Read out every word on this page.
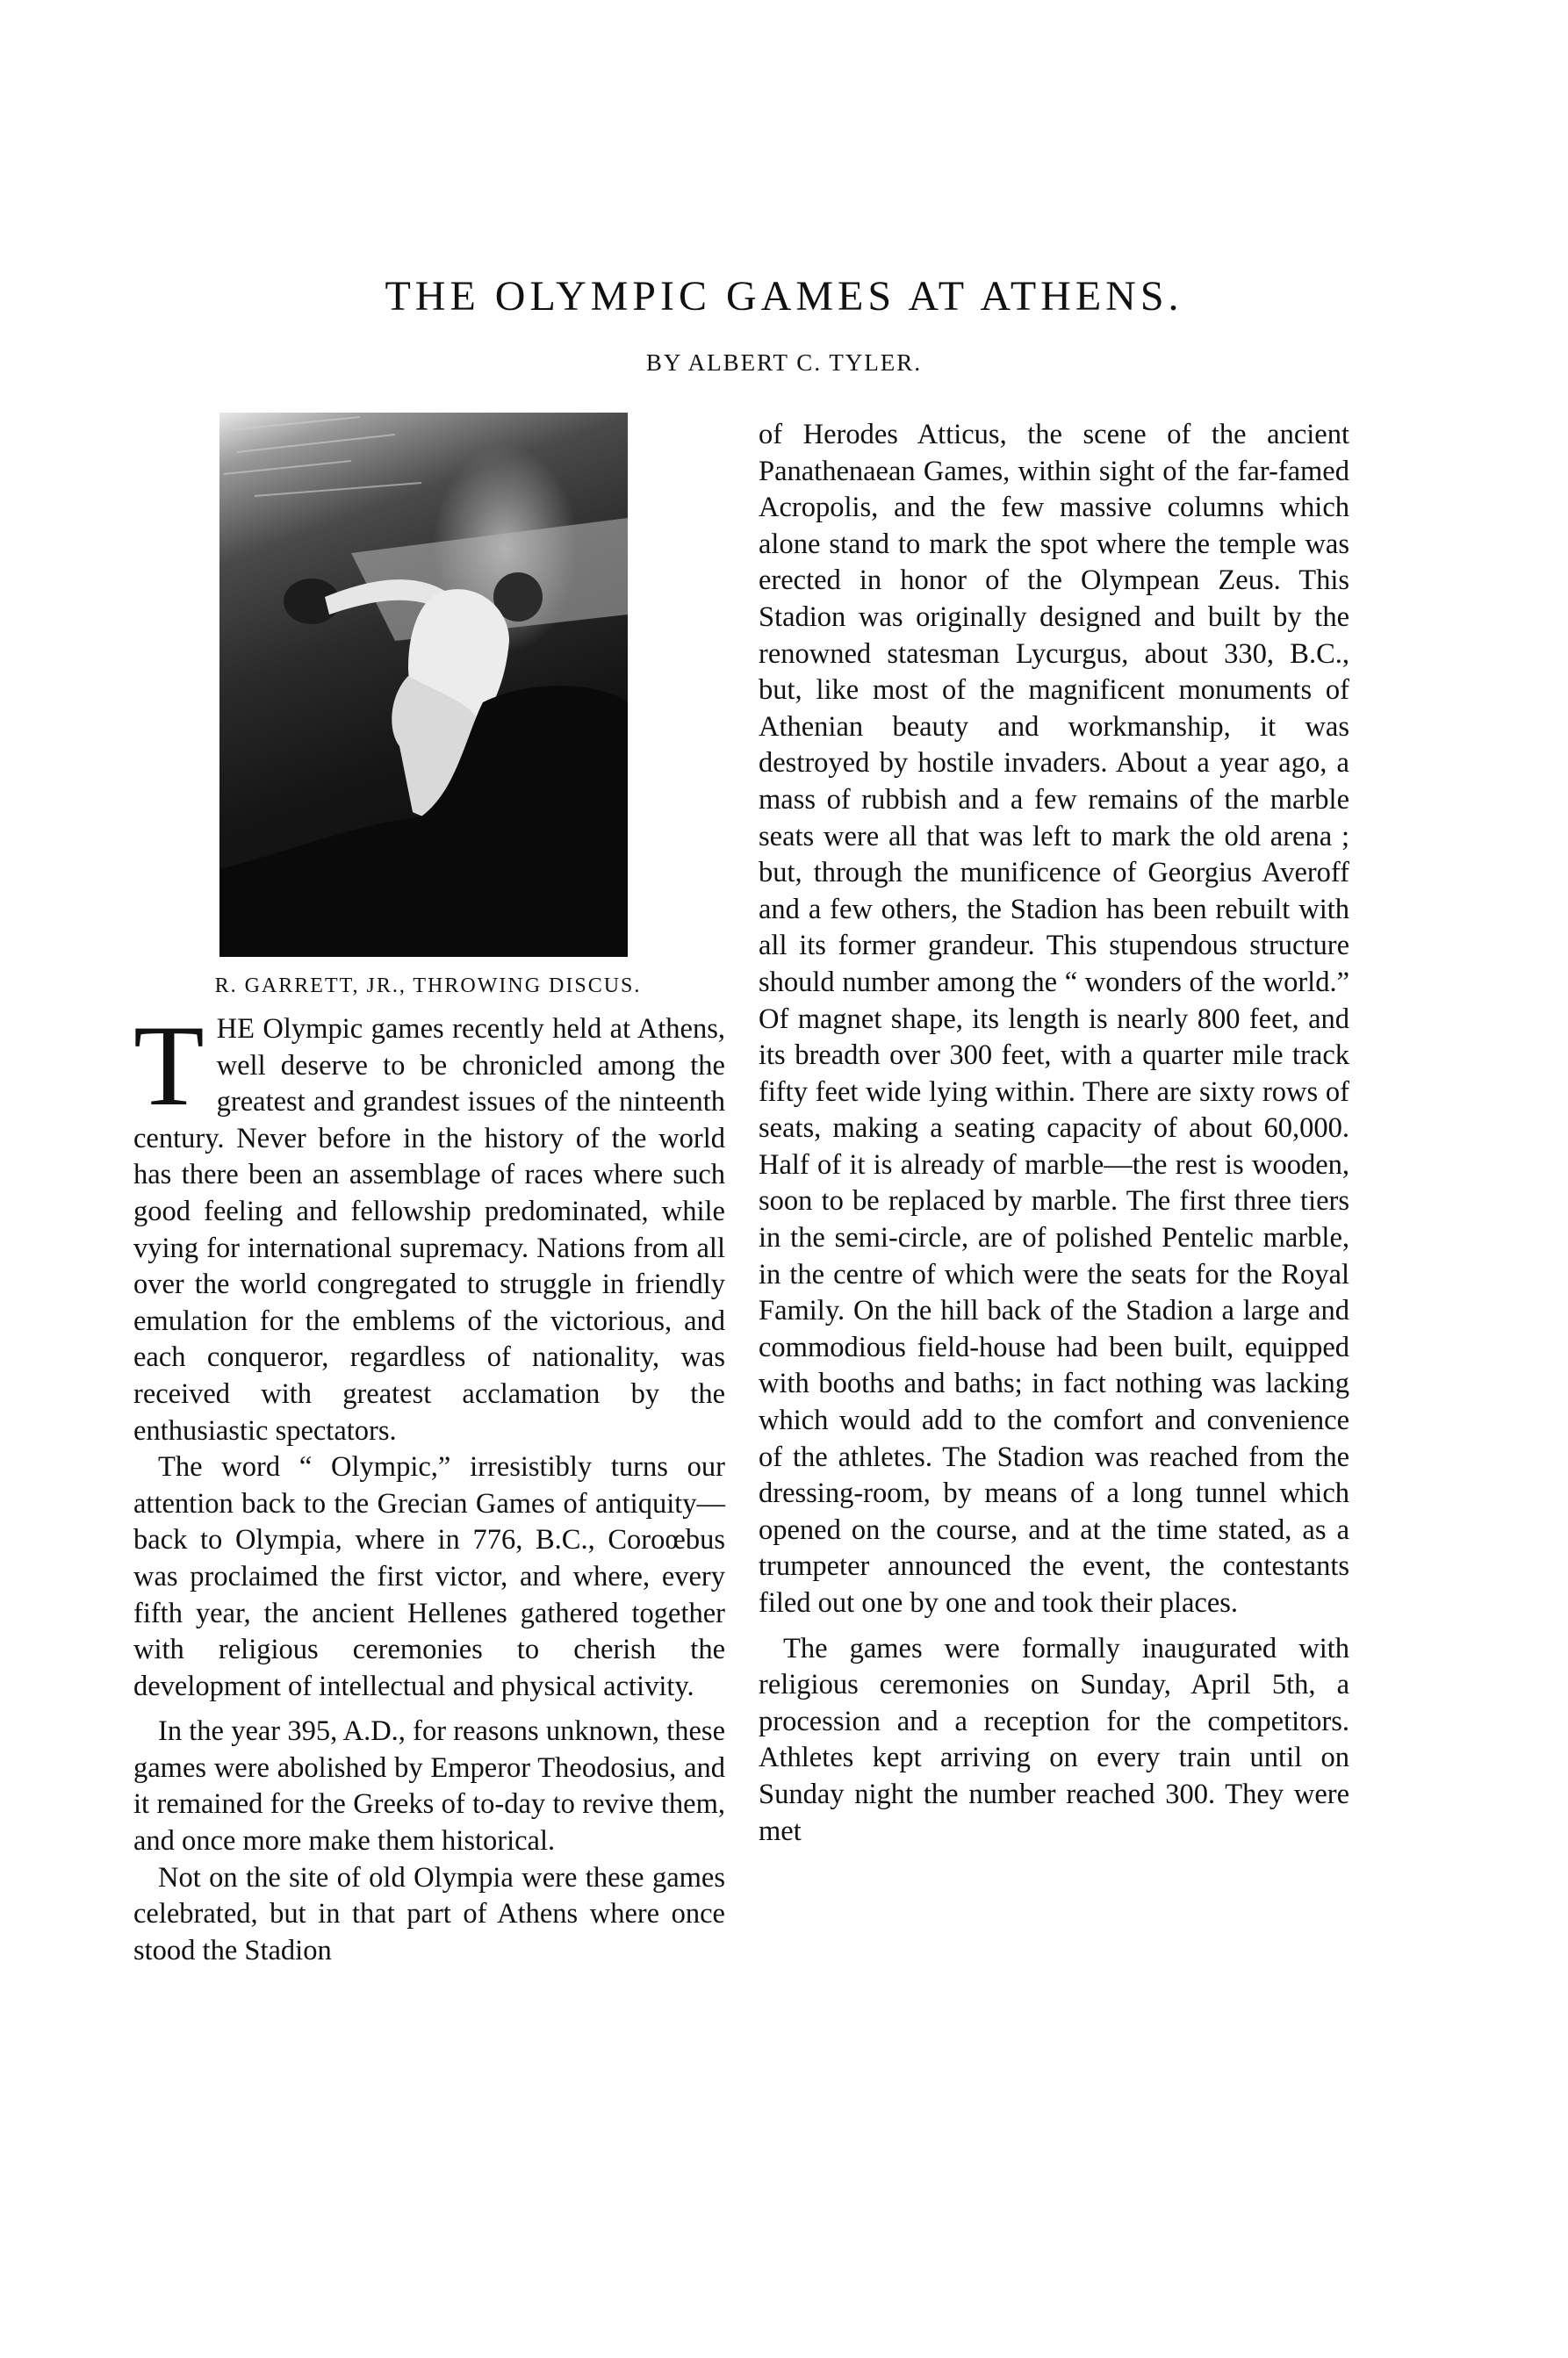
THE OLYMPIC GAMES AT ATHENS.
BY ALBERT C. TYLER.
R. GARRETT, JR., THROWING DISCUS.

THE Olympic games recently held at Athens, well deserve to be chronicled among the greatest and grandest issues of the ninteenth century. Never before in the history of the world has there been an assemblage of races where such good feeling and fellowship predominated, while vying for international supremacy. Nations from all over the world congregated to struggle in friendly emulation for the emblems of the victorious, and each conqueror, regardless of nationality, was received with greatest acclamation by the enthusiastic spectators.

The word “ Olympic,” irresistibly turns our attention back to the Grecian Games of antiquity—back to Olympia, where in 776, B.C., Coroœbus was proclaimed the first victor, and where, every fifth year, the ancient Hellenes gathered together with religious ceremonies to cherish the development of intellectual and physical activity.

In the year 395, A.D., for reasons unknown, these games were abolished by Emperor Theodosius, and it remained for the Greeks of to-day to revive them, and once more make them historical.

Not on the site of old Olympia were these games celebrated, but in that part of Athens where once stood the Stadion

of Herodes Atticus, the scene of the ancient Panathenaean Games, within sight of the far-famed Acropolis, and the few massive columns which alone stand to mark the spot where the temple was erected in honor of the Olympean Zeus. This Stadion was originally designed and built by the renowned statesman Lycurgus, about 330, B.C., but, like most of the magnificent monuments of Athenian beauty and workmanship, it was destroyed by hostile invaders. About a year ago, a mass of rubbish and a few remains of the marble seats were all that was left to mark the old arena ; but, through the munificence of Georgius Averoff and a few others, the Stadion has been rebuilt with all its former grandeur. This stupendous structure should number among the “ wonders of the world.” Of magnet shape, its length is nearly 800 feet, and its breadth over 300 feet, with a quarter mile track fifty feet wide lying within. There are sixty rows of seats, making a seating capacity of about 60,000. Half of it is already of marble—the rest is wooden, soon to be replaced by marble. The first three tiers in the semi-circle, are of polished Pentelic marble, in the centre of which were the seats for the Royal Family. On the hill back of the Stadion a large and commodious field-house had been built, equipped with booths and baths; in fact nothing was lacking which would add to the comfort and convenience of the athletes. The Stadion was reached from the dressing-room, by means of a long tunnel which opened on the course, and at the time stated, as a trumpeter announced the event, the contestants filed out one by one and took their places.

The games were formally inaugurated with religious ceremonies on Sunday, April 5th, a procession and a reception for the competitors. Athletes kept arriving on every train until on Sunday night the number reached 300. They were met
